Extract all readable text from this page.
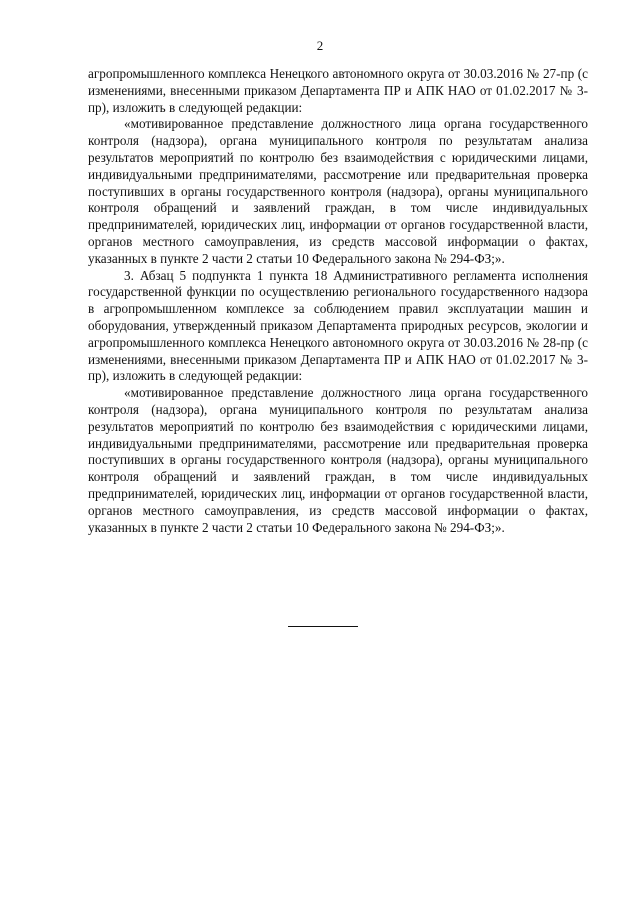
2

агропромышленного комплекса Ненецкого автономного округа от 30.03.2016 № 27-пр (с изменениями, внесенными приказом Департамента ПР и АПК НАО от 01.02.2017 № 3-пр), изложить в следующей редакции:

«мотивированное представление должностного лица органа государственного контроля (надзора), органа муниципального контроля по результатам анализа результатов мероприятий по контролю без взаимодействия с юридическими лицами, индивидуальными предпринимателями, рассмотрение или предварительная проверка поступивших в органы государственного контроля (надзора), органы муниципального контроля обращений и заявлений граждан, в том числе индивидуальных предпринимателей, юридических лиц, информации от органов государственной власти, органов местного самоуправления, из средств массовой информации о фактах, указанных в пункте 2 части 2 статьи 10 Федерального закона № 294-ФЗ;».

3. Абзац 5 подпункта 1 пункта 18 Административного регламента исполнения государственной функции по осуществлению регионального государственного надзора в агропромышленном комплексе за соблюдением правил эксплуатации машин и оборудования, утвержденный приказом Департамента природных ресурсов, экологии и агропромышленного комплекса Ненецкого автономного округа от 30.03.2016 № 28-пр (с изменениями, внесенными приказом Департамента ПР и АПК НАО от 01.02.2017 № 3-пр), изложить в следующей редакции:

«мотивированное представление должностного лица органа государственного контроля (надзора), органа муниципального контроля по результатам анализа результатов мероприятий по контролю без взаимодействия с юридическими лицами, индивидуальными предпринимателями, рассмотрение или предварительная проверка поступивших в органы государственного контроля (надзора), органы муниципального контроля обращений и заявлений граждан, в том числе индивидуальных предпринимателей, юридических лиц, информации от органов государственной власти, органов местного самоуправления, из средств массовой информации о фактах, указанных в пункте 2 части 2 статьи 10 Федерального закона № 294-ФЗ;».
